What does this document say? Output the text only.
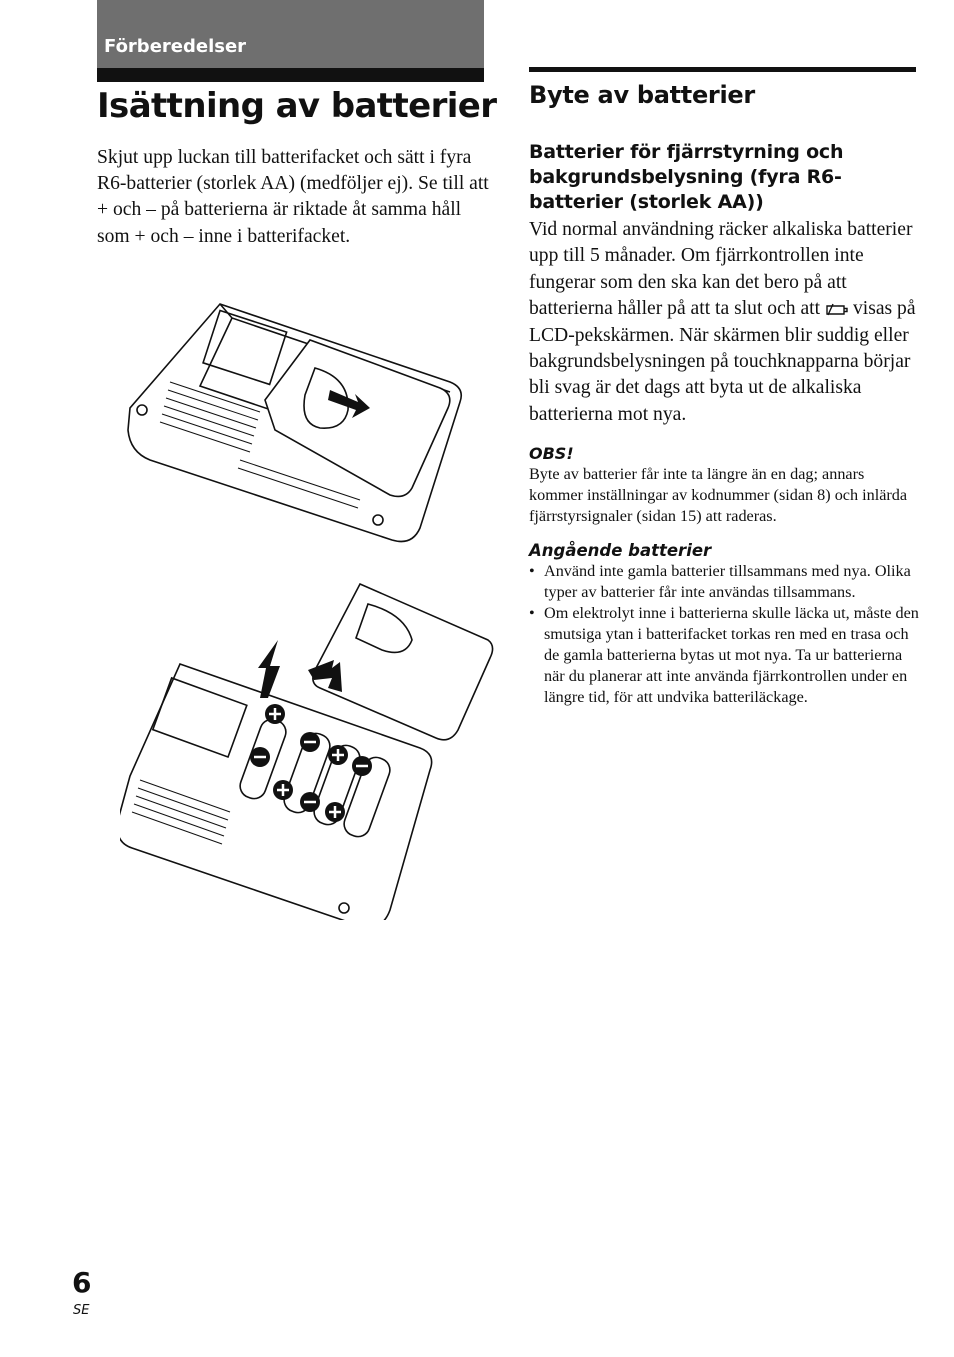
Förberedelser
Isättning av batterier

Skjut upp luckan till batterifacket och sätt i fyra R6-batterier (storlek AA) (medföljer ej). Se till att + och – på batterierna är riktade åt samma håll som + och – inne i batterifacket.

Byte av batterier
Batterier för fjärrstyrning och bakgrundsbelysning (fyra R6-batterier (storlek AA))

Vid normal användning räcker alkaliska batterier upp till 5 månader. Om fjärrkontrollen inte fungerar som den ska kan det bero på att batterierna håller på att ta slut och att visas på LCD-pekskärmen. När skärmen blir suddig eller bakgrundsbelysningen på touchknapparna börjar bli svag är det dags att byta ut de alkaliska batterierna mot nya.

OBS!

Byte av batterier får inte ta längre än en dag; annars kommer inställningar av kodnummer (sidan 8) och inlärda fjärrstyrsignaler (sidan 15) att raderas.

Angående batterier

• Använd inte gamla batterier tillsammans med nya. Olika typer av batterier får inte användas tillsammans.
• Om elektrolyt inne i batterierna skulle läcka ut, måste den smutsiga ytan i batterifacket torkas ren med en trasa och de gamla batterierna bytas ut mot nya. Ta ur batterierna när du planerar att inte använda fjärrkontrollen under en längre tid, för att undvika batteriläckage.
6
SE
